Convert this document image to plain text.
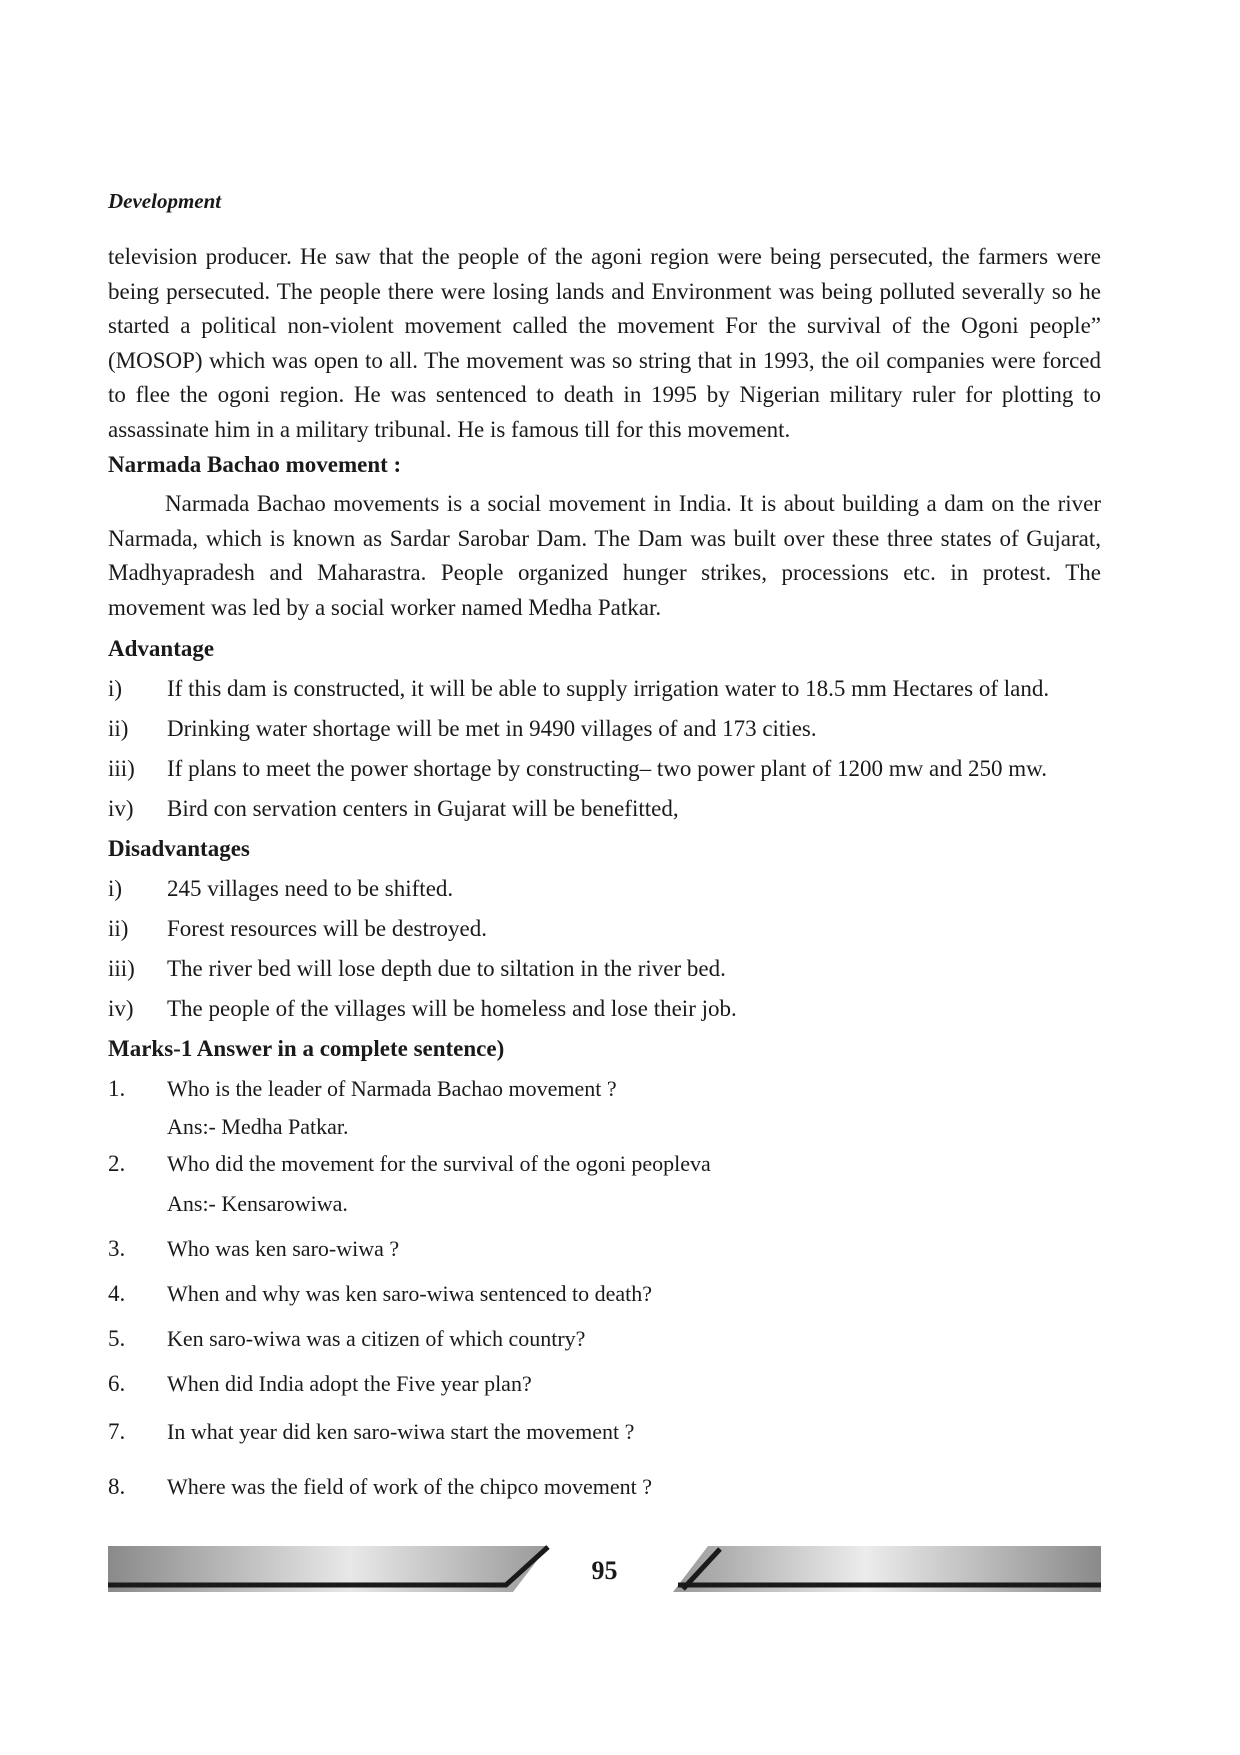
Development

television producer. He saw that the people of the agoni region were being persecuted, the farmers were being persecuted. The people there were losing lands and Environment was being polluted severally so he started a political non-violent movement called the movement For the survival of the Ogoni people” (MOSOP) which was open to all. The movement was so string that in 1993, the oil companies were forced to flee the ogoni region. He was sentenced to death in 1995 by Nigerian military ruler for plotting to assassinate him in a military tribunal. He is famous till for this movement.

Narmada Bachao movement :

Narmada Bachao movements is a social movement in India. It is about building a dam on the river Narmada, which is known as Sardar Sarobar Dam. The Dam was built over these three states of Gujarat, Madhyapradesh and Maharastra. People organized hunger strikes, processions etc. in protest. The movement was led by a social worker named Medha Patkar.

Advantage
i) If this dam is constructed, it will be able to supply irrigation water to 18.5 mm Hectares of land.
ii) Drinking water shortage will be met in 9490 villages of and 173 cities.
iii) If plans to meet the power shortage by constructing– two power plant of 1200 mw and 250 mw.
iv) Bird con servation centers in Gujarat will be benefitted,
Disadvantages
i) 245 villages need to be shifted.
ii) Forest resources will be destroyed.
iii) The river bed will lose depth due to siltation in the river bed.
iv) The people of the villages will be homeless and lose their job.
Marks-1 Answer in a complete sentence)
1. Who is the leader of Narmada Bachao movement ?
Ans:- Medha Patkar.
2. Who did the movement for the survival of the ogoni peopleva
Ans:- Kensarowiwa.
3. Who was ken saro-wiwa ?
4. When and why was ken saro-wiwa sentenced to death?
5. Ken saro-wiwa was a citizen of which country?
6. When did India adopt the Five year plan?
7. In what year did ken saro-wiwa start the movement ?
8. Where was the field of work of the chipco movement ?
95
